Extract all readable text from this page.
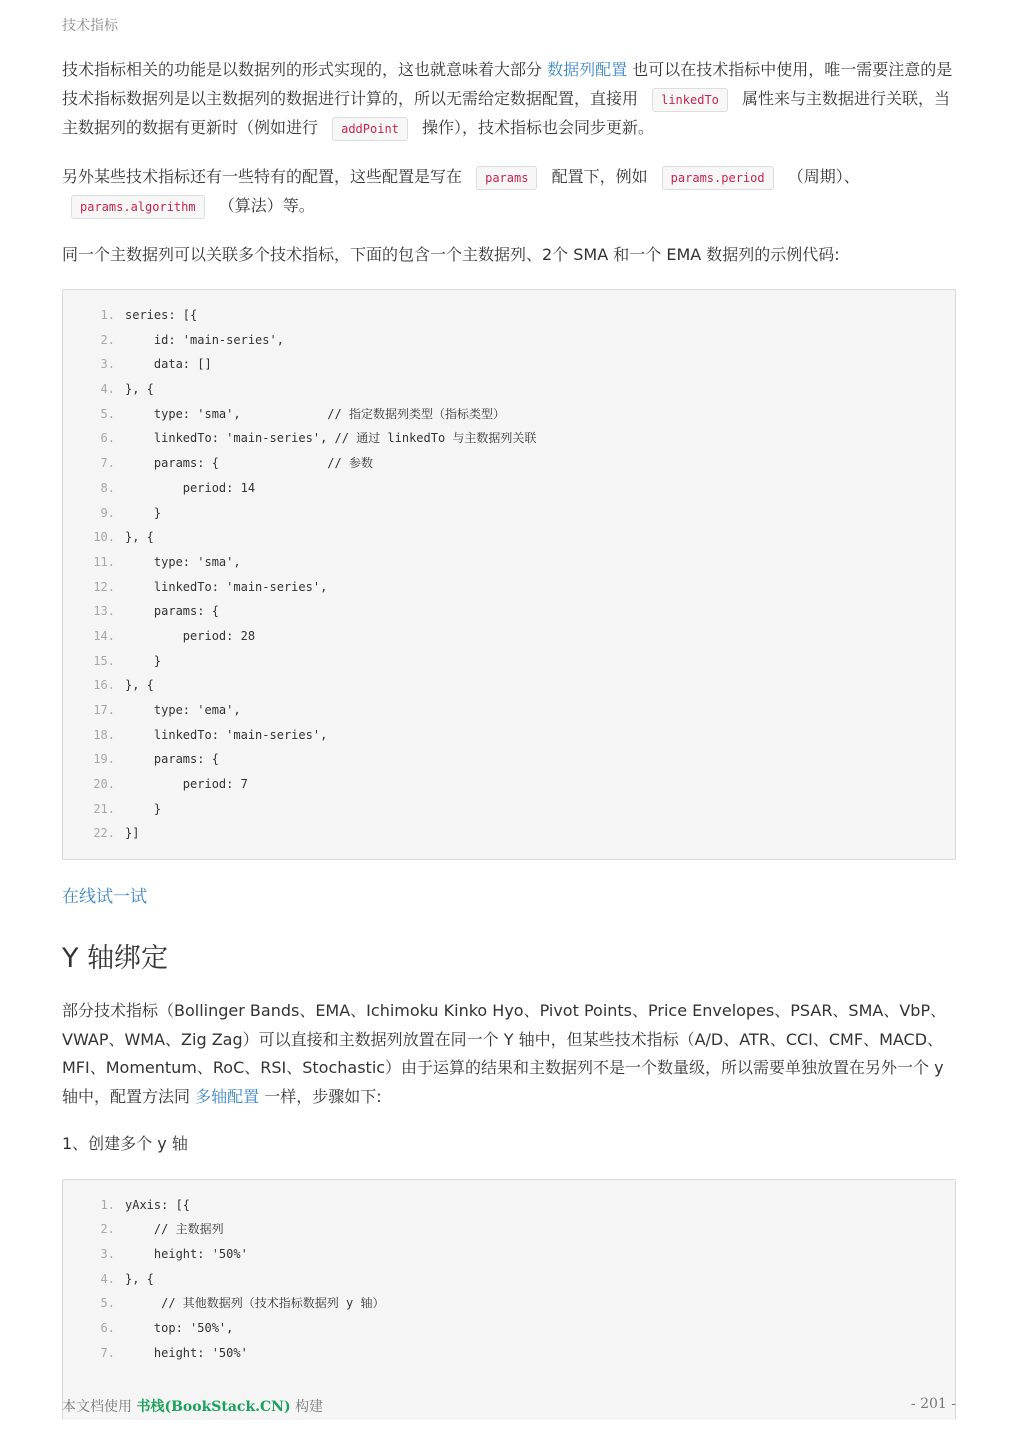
技术指标

技术指标相关的功能是以数据列的形式实现的，这也就意味着大部分 数据列配置 也可以在技术指标中使用，唯一需要注意的是技术指标数据列是以主数据列的数据进行计算的，所以无需给定数据配置，直接用 linkedTo 属性来与主数据进行关联，当主数据列的数据有更新时（例如进行 addPoint 操作），技术指标也会同步更新。

另外某些技术指标还有一些特有的配置，这些配置是写在 params 配置下，例如 params.period （周期）、 params.algorithm （算法）等。

同一个主数据列可以关联多个技术指标，下面的包含一个主数据列、2个 SMA 和一个 EMA 数据列的示例代码:

1. series: [{
2.    id: 'main-series',
3.    data: []
4. }, {
5.    type: 'sma',            // 指定数据列类型（指标类型）
6.    linkedTo: 'main-series', // 通过 linkedTo 与主数据列关联
7.    params: {               // 参数
8.        period: 14
9.    }
10. }, {
11.    type: 'sma',
12.    linkedTo: 'main-series',
13.    params: {
14.        period: 28
15.    }
16. }, {
17.    type: 'ema',
18.    linkedTo: 'main-series',
19.    params: {
20.        period: 7
21.    }
22. }]
在线试一试
Y 轴绑定

部分技术指标（Bollinger Bands、EMA、Ichimoku Kinko Hyo、Pivot Points、Price Envelopes、PSAR、SMA、VbP、 VWAP、WMA、Zig Zag）可以直接和主数据列放置在同一个 Y 轴中，但某些技术指标（A/D、ATR、CCI、CMF、MACD、 MFI、Momentum、RoC、RSI、Stochastic）由于运算的结果和主数据列不是一个数量级，所以需要单独放置在另外一个 y 轴中，配置方法同 多轴配置 一样，步骤如下:

1、创建多个 y 轴

1. yAxis: [{
2.    // 主数据列
3.    height: '50%'
4. }, {
5.     // 其他数据列（技术指标数据列 y 轴）
6.    top: '50%',
7.    height: '50%'
本文档使用 书栈(BookStack.CN) 构建	- 201 -
